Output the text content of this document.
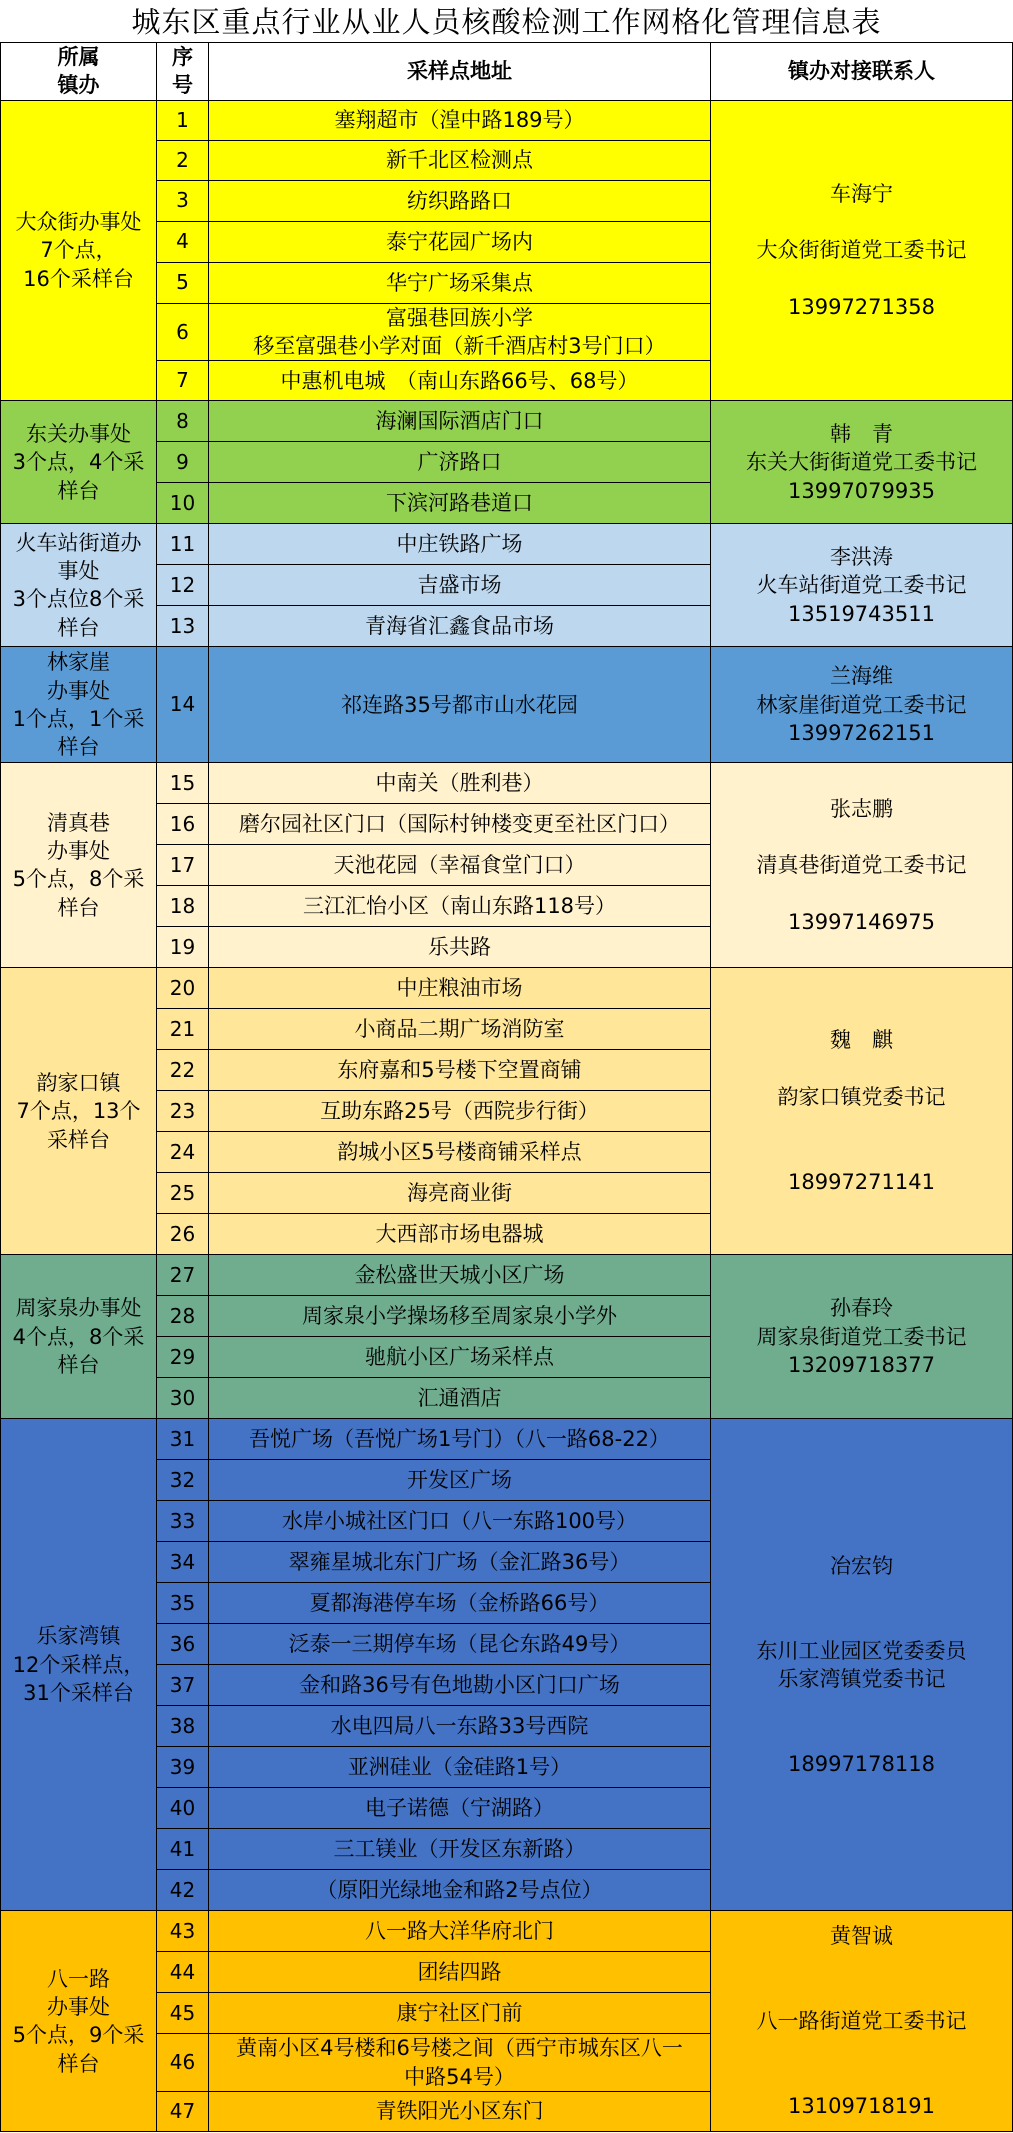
城东区重点行业从业人员核酸检测工作网格化管理信息表
所属
镇办	序
号	采样点地址	镇办对接联系人
大众街办事处
7个点，
16个采样台	1	塞翔超市（湟中路189号）	车海宁

大众街街道党工委书记

13997271358
	2	新千北区检测点	
	3	纺织路路口	
	4	泰宁花园广场内	
	5	华宁广场采集点	
	6	富强巷回族小学
移至富强巷小学对面（新千酒店村3号门口）	
	7	中惠机电城　（南山东路66号、68号）	
东关办事处
3个点，4个采
样台	8	海澜国际酒店门口	韩　青
东关大街街道党工委书记
13997079935
	9	广济路口	
	10	下滨河路巷道口	
火车站街道办
事处
3个点位8个采
样台	11	中庄铁路广场	李洪涛
火车站街道党工委书记
13519743511
	12	吉盛市场	
	13	青海省汇鑫食品市场	
林家崖
办事处
1个点，1个采
样台	14	祁连路35号都市山水花园	兰海维
林家崖街道党工委书记
13997262151
清真巷
办事处
5个点，8个采
样台	15	中南关（胜利巷）	张志鹏

清真巷街道党工委书记

13997146975
	16	磨尔园社区门口（国际村钟楼变更至社区门口）	
	17	天池花园（幸福食堂门口）	
	18	三江汇怡小区（南山东路118号）	
	19	乐共路	
韵家口镇
7个点，13个
采样台	20	中庄粮油市场	魏　麒

韵家口镇党委书记

18997271141
	21	小商品二期广场消防室	
	22	东府嘉和5号楼下空置商铺	
	23	互助东路25号（西院步行街）	
	24	韵城小区5号楼商铺采样点	
	25	海亮商业街	
	26	大西部市场电器城	
周家泉办事处
4个点，8个采
样台	27	金松盛世天城小区广场	孙春玲
周家泉街道党工委书记
13209718377
	28	周家泉小学操场移至周家泉小学外	
	29	驰航小区广场采样点	
	30	汇通酒店	
乐家湾镇
12个采样点，
31个采样台	31	吾悦广场（吾悦广场1号门）（八一路68-22）	冶宏钧

东川工业园区党委委员
乐家湾镇党委书记

18997178118
	32	开发区广场	
	33	水岸小城社区门口（八一东路100号）	
	34	翠雍星城北东门广场（金汇路36号）	
	35	夏都海港停车场（金桥路66号）	
	36	泛泰一三期停车场（昆仑东路49号）	
	37	金和路36号有色地勘小区门口广场	
	38	水电四局八一东路33号西院	
	39	亚洲硅业（金硅路1号）	
	40	电子诺德（宁湖路）	
	41	三工镁业（开发区东新路）	
	42	（原阳光绿地金和路2号点位）	
八一路
办事处
5个点，9个采
样台	43	八一路大洋华府北门	黄智诚

八一路街道党工委书记

13109718191
	44	团结四路	
	45	康宁社区门前	
	46	黄南小区4号楼和6号楼之间（西宁市城东区八一
中路54号）	
	47	青铁阳光小区东门	
